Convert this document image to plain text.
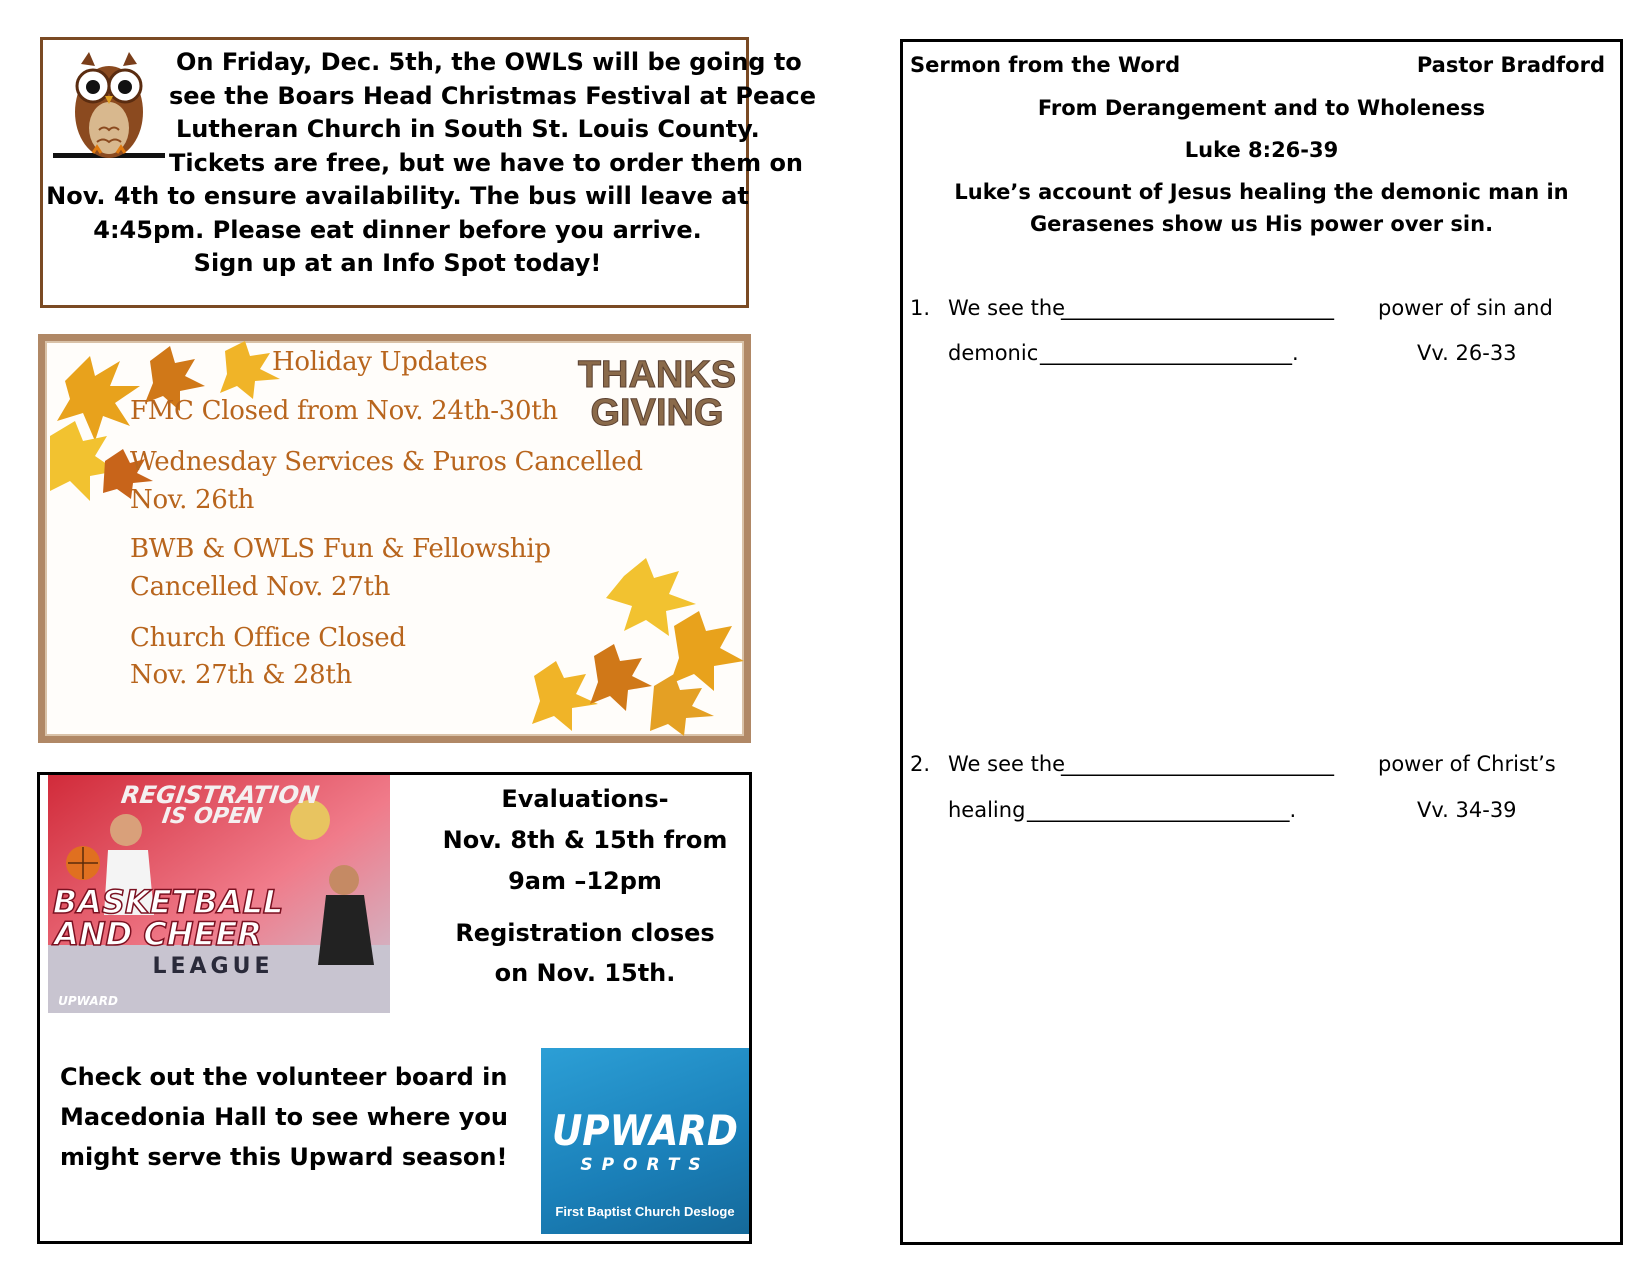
On Friday, Dec. 5th, the OWLS will be going to
see the Boars Head Christmas Festival at Peace
Lutheran Church in South St. Louis County.
Tickets are free, but we have to order them on
Nov. 4th to ensure availability. The bus will leave at
4:45pm. Please eat dinner before you arrive.
Sign up at an Info Spot today!
THANKS
GIVING
Holiday Updates
FMC Closed from Nov. 24th-30th
Wednesday Services & Puros Cancelled
Nov. 26th
BWB & OWLS Fun & Fellowship
Cancelled Nov. 27th
Church Office Closed
Nov. 27th & 28th
REGISTRATION
IS OPEN
BASKETBALL
AND CHEER
LEAGUE
UPWARD
Evaluations-
Nov. 8th & 15th from
9am –12pm
Registration closes
on Nov. 15th.
Check out the volunteer board in
Macedonia Hall to see where you
might serve this Upward season!
UPWARD
SPORTS
First Baptist Church Desloge
Sermon from the Word	Pastor Bradford
From Derangement and to Wholeness
Luke 8:26-39
Luke’s account of Jesus healing the demonic man in
Gerasenes show us His power over sin.
1. We see the
__________________________ power of sin and
demonic ________________________.	Vv. 26-33
2. We see the
__________________________ power of Christ’s
healing _________________________.	Vv. 34-39
